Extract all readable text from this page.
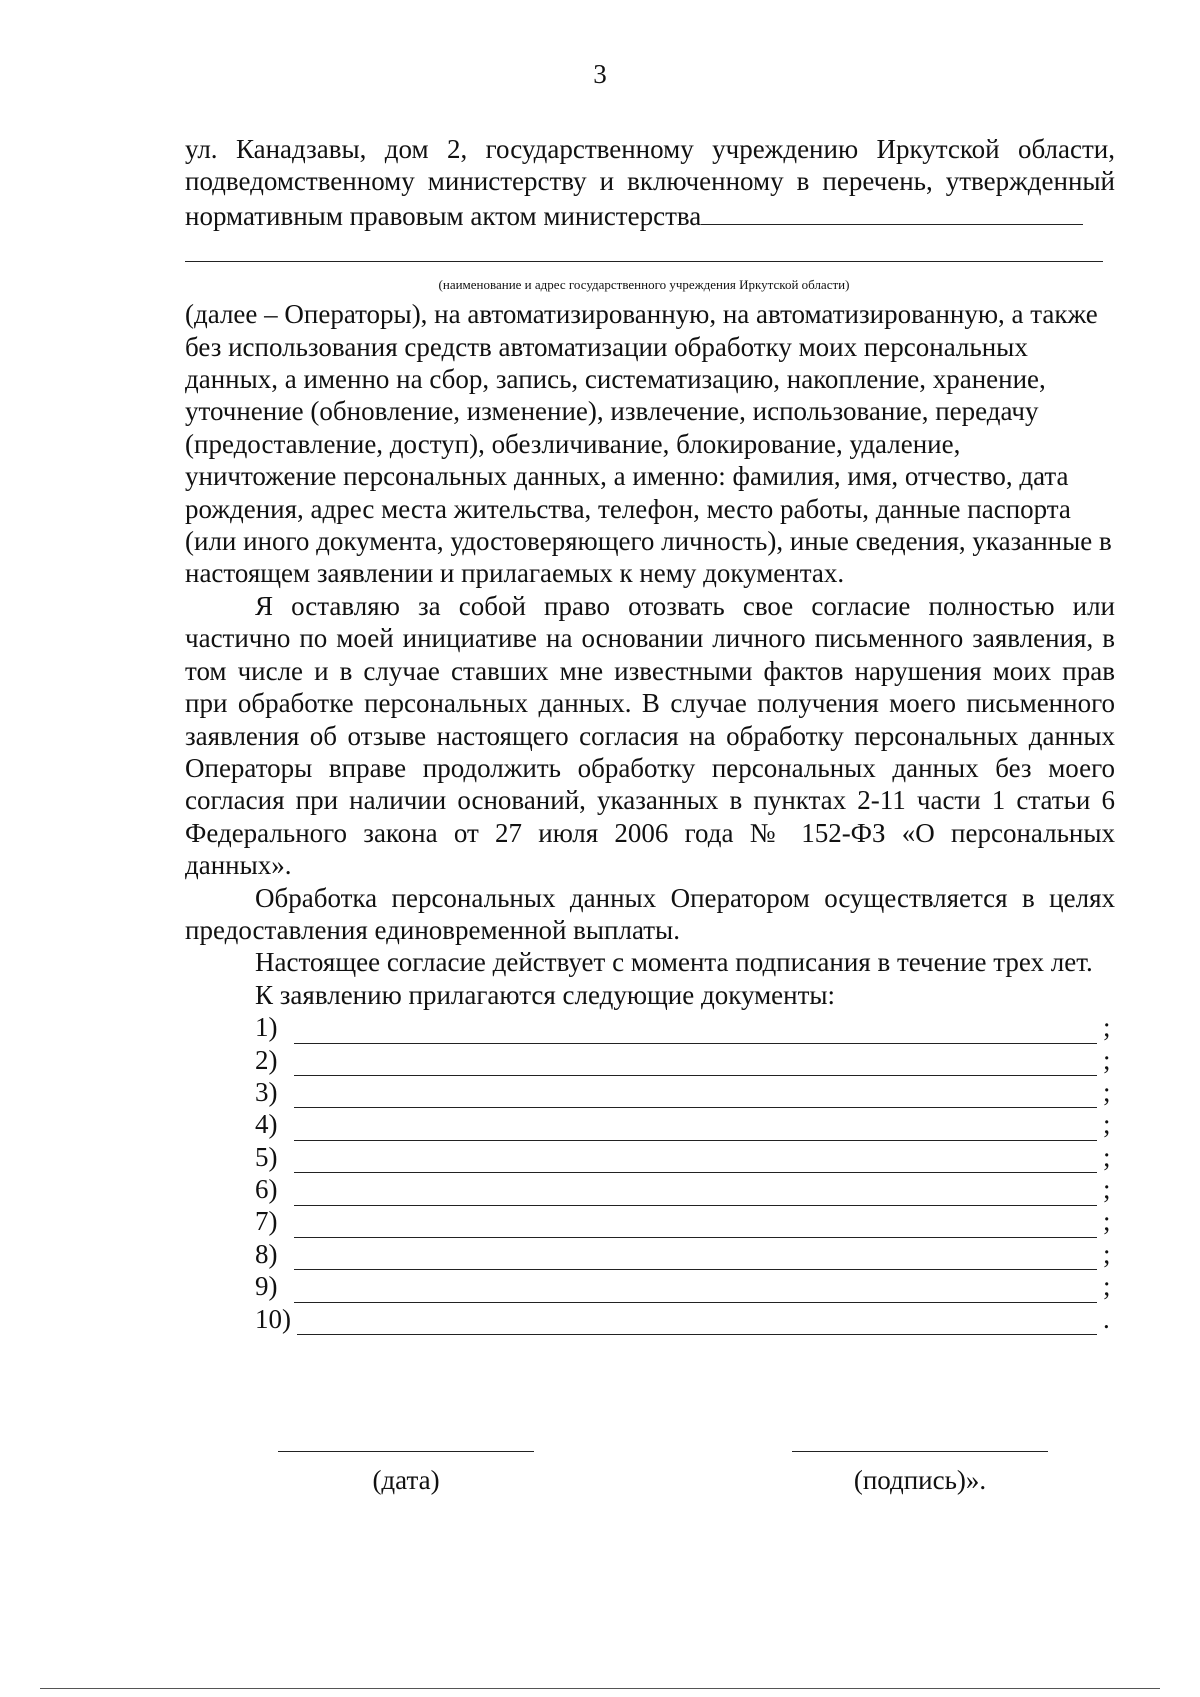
3

ул. Канадзавы, дом 2, государственному учреждению Иркутской области, подведомственному министерству и включенному в перечень, утвержденный нормативным правовым актом министерства

(наименование и адрес государственного учреждения Иркутской области)

(далее – Операторы), на автоматизированную, на автоматизированную, а также без использования средств автоматизации обработку моих персональных данных, а именно на сбор, запись, систематизацию, накопление, хранение, уточнение (обновление, изменение), извлечение, использование, передачу (предоставление, доступ), обезличивание, блокирование, удаление, уничтожение персональных данных, а именно: фамилия, имя, отчество, дата рождения, адрес места жительства, телефон, место работы, данные паспорта (или иного документа, удостоверяющего личность), иные сведения, указанные в настоящем заявлении и прилагаемых к нему документах.

Я оставляю за собой право отозвать свое согласие полностью или частично по моей инициативе на основании личного письменного заявления, в том числе и в случае ставших мне известными фактов нарушения моих прав при обработке персональных данных. В случае получения моего письменного заявления об отзыве настоящего согласия на обработку персональных данных Операторы вправе продолжить обработку персональных данных без моего согласия при наличии оснований, указанных в пунктах 2-11 части 1 статьи 6 Федерального закона от 27 июля 2006 года № 152-ФЗ «О персональных данных».

Обработка персональных данных Оператором осуществляется в целях предоставления единовременной выплаты.

Настоящее согласие действует с момента подписания в течение трех лет.

К заявлению прилагаются следующие документы:

1)	;
2)	;
3)	;
4)	;
5)	;
6)	;
7)	;
8)	;
9)	;
10)	.
(дата)	(подпись)».
